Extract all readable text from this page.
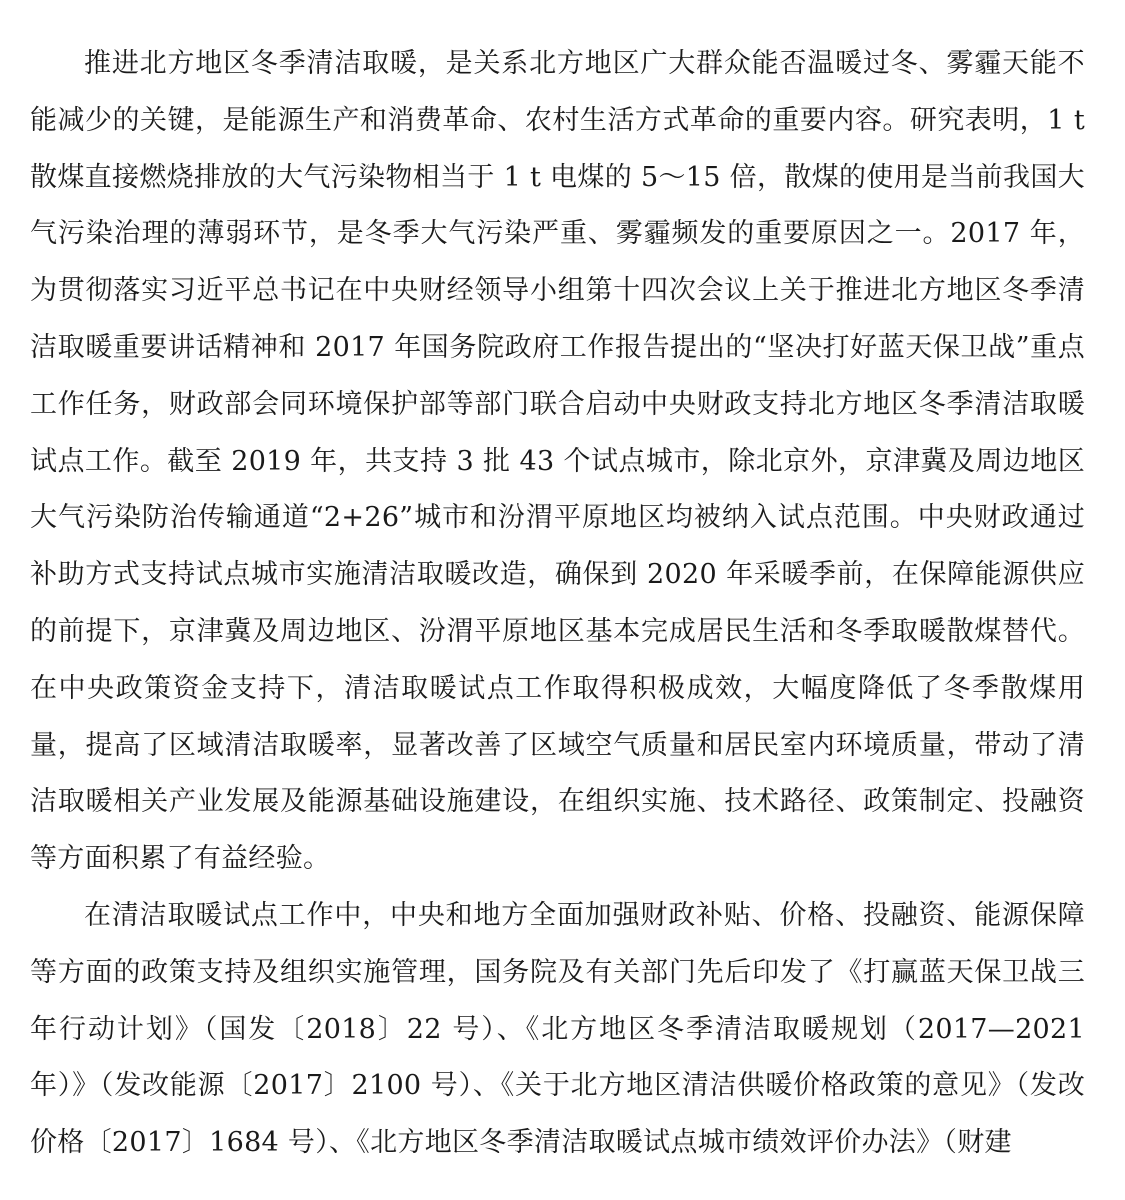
推进北方地区冬季清洁取暖，是关系北方地区广大群众能否温暖过冬、雾霾天能不能减少的关键，是能源生产和消费革命、农村生活方式革命的重要内容。研究表明，1 t 散煤直接燃烧排放的大气污染物相当于 1 t 电煤的 5～15 倍，散煤的使用是当前我国大气污染治理的薄弱环节，是冬季大气污染严重、雾霾频发的重要原因之一。2017 年，为贯彻落实习近平总书记在中央财经领导小组第十四次会议上关于推进北方地区冬季清洁取暖重要讲话精神和 2017 年国务院政府工作报告提出的“坚决打好蓝天保卫战”重点工作任务，财政部会同环境保护部等部门联合启动中央财政支持北方地区冬季清洁取暖试点工作。截至 2019 年，共支持 3 批 43 个试点城市，除北京外，京津冀及周边地区大气污染防治传输通道“2+26”城市和汾渭平原地区均被纳入试点范围。中央财政通过补助方式支持试点城市实施清洁取暖改造，确保到 2020 年采暖季前，在保障能源供应的前提下，京津冀及周边地区、汾渭平原地区基本完成居民生活和冬季取暖散煤替代。在中央政策资金支持下，清洁取暖试点工作取得积极成效，大幅度降低了冬季散煤用量，提高了区域清洁取暖率，显著改善了区域空气质量和居民室内环境质量，带动了清洁取暖相关产业发展及能源基础设施建设，在组织实施、技术路径、政策制定、投融资等方面积累了有益经验。

在清洁取暖试点工作中，中央和地方全面加强财政补贴、价格、投融资、能源保障等方面的政策支持及组织实施管理，国务院及有关部门先后印发了《打赢蓝天保卫战三年行动计划》（国发〔2018〕22 号）、《北方地区冬季清洁取暖规划（2017—2021 年）》（发改能源〔2017〕2100 号）、《关于北方地区清洁供暖价格政策的意见》（发改价格〔2017〕1684 号）、《北方地区冬季清洁取暖试点城市绩效评价办法》（财建
